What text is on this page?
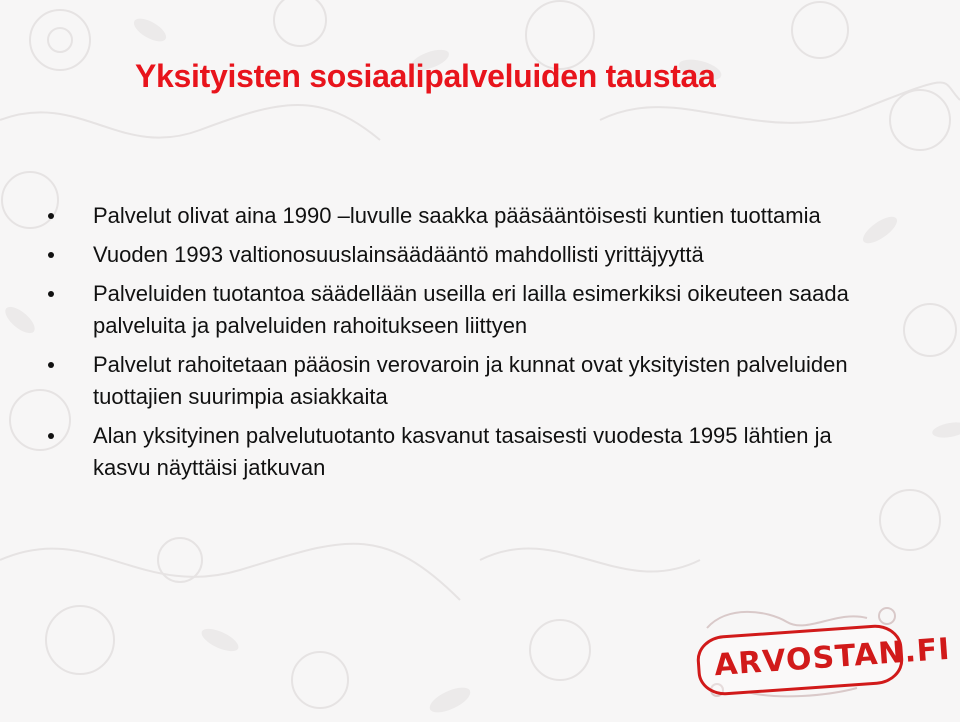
Yksityisten sosiaalipalveluiden taustaa
Palvelut olivat aina 1990 –luvulle saakka pääsääntöisesti kuntien tuottamia
Vuoden 1993 valtionosuuslainsäädääntö mahdollisti yrittäjyyttä
Palveluiden tuotantoa säädellään useilla eri lailla esimerkiksi oikeuteen saada palveluita ja palveluiden rahoitukseen liittyen
Palvelut rahoitetaan pääosin verovaroin ja kunnat ovat yksityisten palveluiden tuottajien suurimpia asiakkaita
Alan yksityinen palvelutuotanto kasvanut tasaisesti vuodesta 1995 lähtien ja kasvu näyttäisi jatkuvan
ARVOSTAN.FI
